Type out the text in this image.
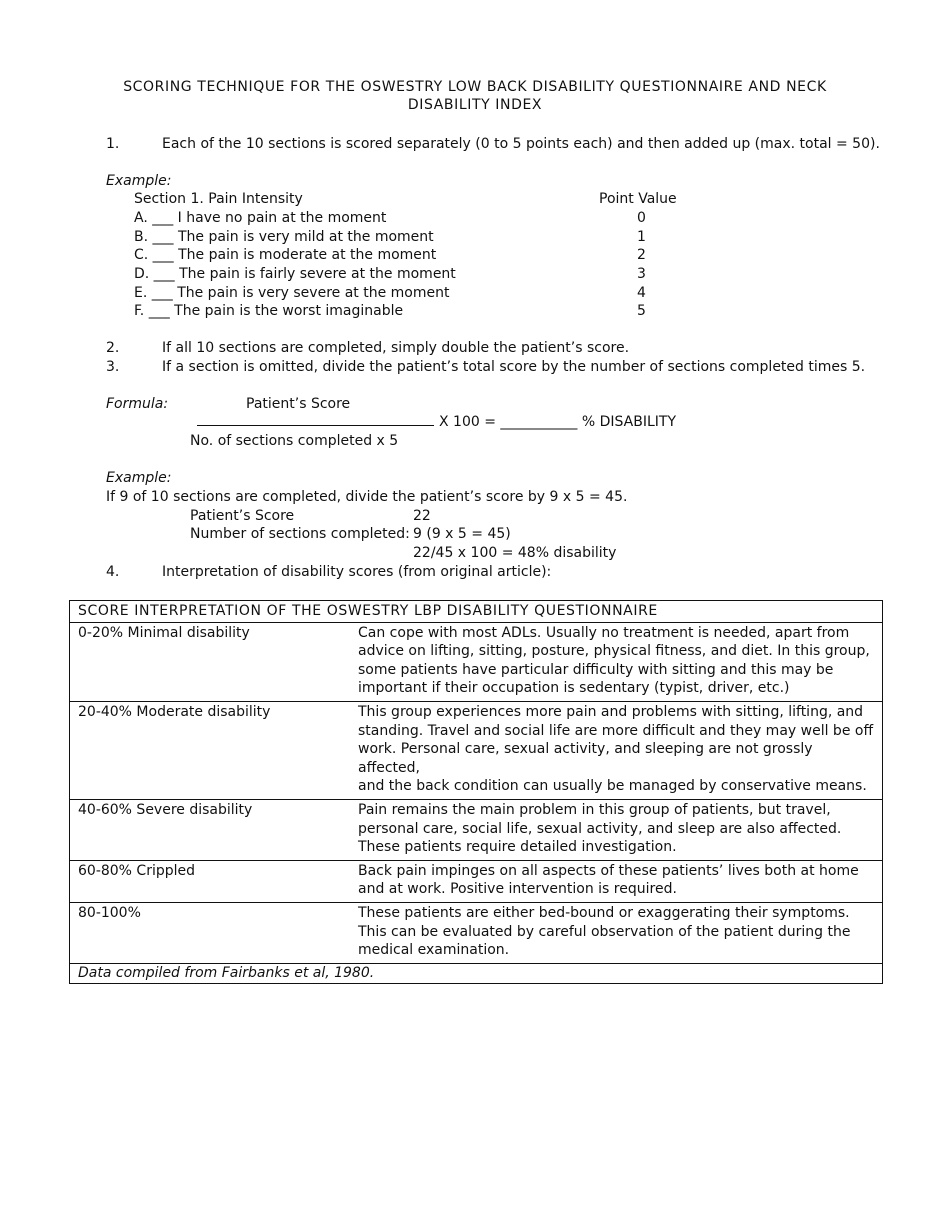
SCORING TECHNIQUE FOR THE OSWESTRY LOW BACK DISABILITY QUESTIONNAIRE AND NECK DISABILITY INDEX
1.	Each of the 10 sections is scored separately (0 to 5 points each) and then added up (max. total = 50).
Example:
Section 1. Pain Intensity	Point Value
A. ___ I have no pain at the moment	0
B. ___ The pain is very mild at the moment	1
C. ___ The pain is moderate at the moment	2
D. ___ The pain is fairly severe at the moment	3
E. ___ The pain is very severe at the moment	4
F. ___ The pain is the worst imaginable	5
2.	If all 10 sections are completed, simply double the patient’s score.
3.	If a section is omitted, divide the patient’s total score by the number of sections completed times 5.
Formula:	Patient’s Score
X 100 = ___________ % DISABILITY
No. of sections completed x 5
Example:
If 9 of 10 sections are completed, divide the patient’s score by 9 x 5 = 45.
Patient’s Score	22
Number of sections completed: 9 (9 x 5 = 45)
22/45 x 100 = 48% disability
4.	Interpretation of disability scores (from original article):
SCORE INTERPRETATION OF THE OSWESTRY LBP DISABILITY QUESTIONNAIRE	
0-20% Minimal disability	Can cope with most ADLs. Usually no treatment is needed, apart from
advice on lifting, sitting, posture, physical fitness, and diet. In this group,
some patients have particular difficulty with sitting and this may be
important if their occupation is sedentary (typist, driver, etc.)

20-40% Moderate disability	This group experiences more pain and problems with sitting, lifting, and
standing. Travel and social life are more difficult and they may well be off
work. Personal care, sexual activity, and sleeping are not grossly affected,
and the back condition can usually be managed by conservative means.

40-60% Severe disability	Pain remains the main problem in this group of patients, but travel,
personal care, social life, sexual activity, and sleep are also affected.
These patients require detailed investigation.

60-80% Crippled	Back pain impinges on all aspects of these patients’ lives both at home
and at work. Positive intervention is required.

80-100%	These patients are either bed-bound or exaggerating their symptoms.
This can be evaluated by careful observation of the patient during the
medical examination.

Data compiled from Fairbanks et al, 1980.	
